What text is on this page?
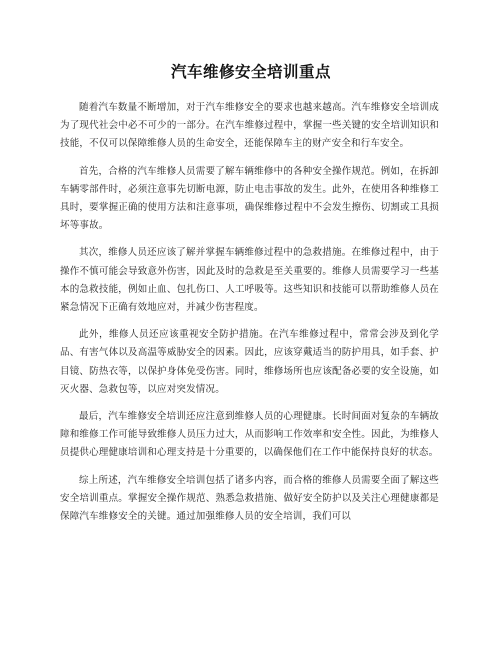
汽车维修安全培训重点

随着汽车数量不断增加，对于汽车维修安全的要求也越来越高。汽车维修安全培训成为了现代社会中必不可少的一部分。在汽车维修过程中，掌握一些关键的安全培训知识和技能，不仅可以保障维修人员的生命安全，还能保障车主的财产安全和行车安全。

首先，合格的汽车维修人员需要了解车辆维修中的各种安全操作规范。例如，在拆卸车辆零部件时，必须注意事先切断电源，防止电击事故的发生。此外，在使用各种维修工具时，要掌握正确的使用方法和注意事项，确保维修过程中不会发生擦伤、切割或工具损坏等事故。

其次，维修人员还应该了解并掌握车辆维修过程中的急救措施。在维修过程中，由于操作不慎可能会导致意外伤害，因此及时的急救是至关重要的。维修人员需要学习一些基本的急救技能，例如止血、包扎伤口、人工呼吸等。这些知识和技能可以帮助维修人员在紧急情况下正确有效地应对，并减少伤害程度。

此外，维修人员还应该重视安全防护措施。在汽车维修过程中，常常会涉及到化学品、有害气体以及高温等威胁安全的因素。因此，应该穿戴适当的防护用具，如手套、护目镜、防热衣等，以保护身体免受伤害。同时，维修场所也应该配备必要的安全设施，如灭火器、急救包等，以应对突发情况。

最后，汽车维修安全培训还应注意到维修人员的心理健康。长时间面对复杂的车辆故障和维修工作可能导致维修人员压力过大，从而影响工作效率和安全性。因此，为维修人员提供心理健康培训和心理支持是十分重要的，以确保他们在工作中能保持良好的状态。

综上所述，汽车维修安全培训包括了诸多内容，而合格的维修人员需要全面了解这些安全培训重点。掌握安全操作规范、熟悉急救措施、做好安全防护以及关注心理健康都是保障汽车维修安全的关键。通过加强维修人员的安全培训，我们可以
